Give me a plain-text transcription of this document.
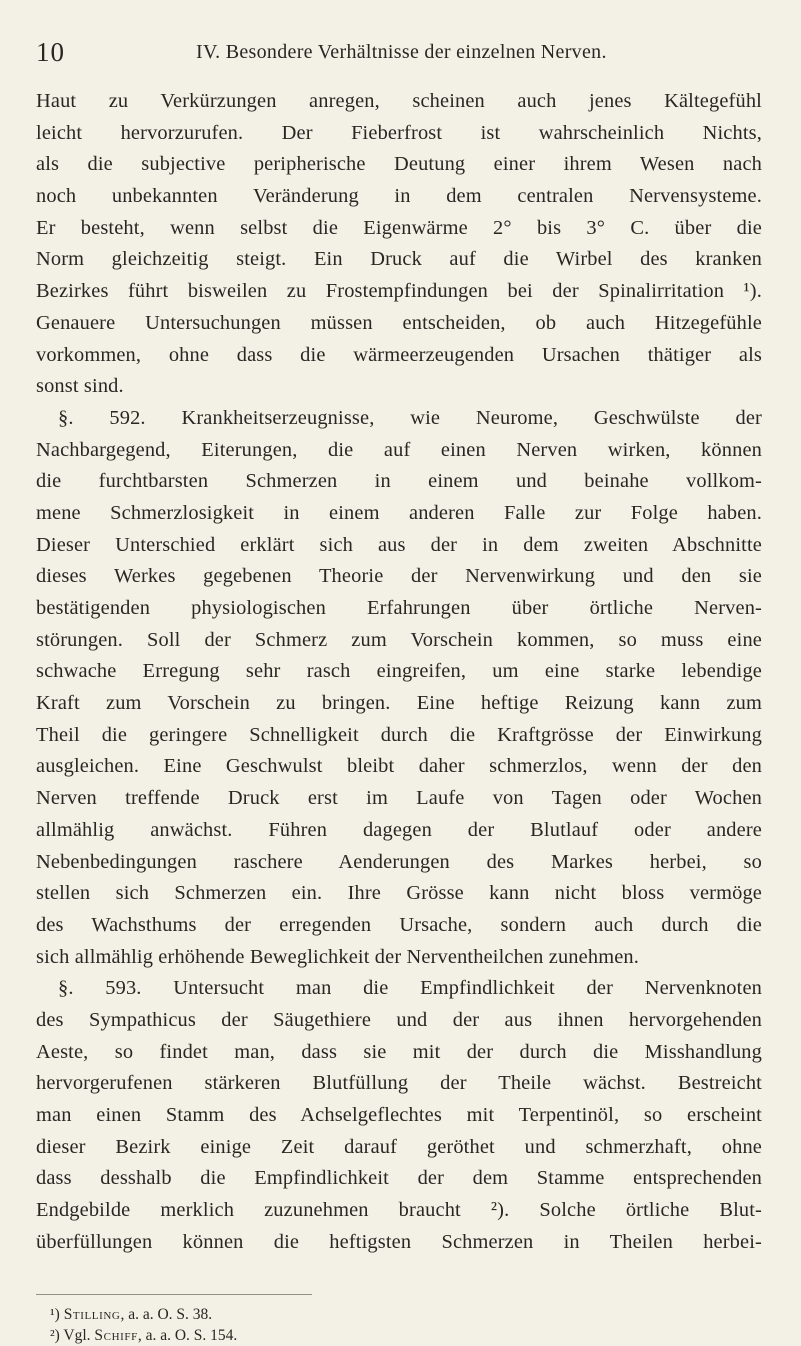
10	IV. Besondere Verhältnisse der einzelnen Nerven.
Haut zu Verkürzungen anregen, scheinen auch jenes Kältegefühl
leicht hervorzurufen. Der Fieberfrost ist wahrscheinlich Nichts,
als die subjective peripherische Deutung einer ihrem Wesen nach
noch unbekannten Veränderung in dem centralen Nervensysteme.
Er besteht, wenn selbst die Eigenwärme 2° bis 3° C. über die
Norm gleichzeitig steigt. Ein Druck auf die Wirbel des kranken
Bezirkes führt bisweilen zu Frostempfindungen bei der Spinalirritation ¹).
Genauere Untersuchungen müssen entscheiden, ob auch Hitzegefühle
vorkommen, ohne dass die wärmeerzeugenden Ursachen thätiger als
sonst sind.
§. 592. Krankheitserzeugnisse, wie Neurome, Geschwülste der
Nachbargegend, Eiterungen, die auf einen Nerven wirken, können
die furchtbarsten Schmerzen in einem und beinahe vollkom-
mene Schmerzlosigkeit in einem anderen Falle zur Folge haben.
Dieser Unterschied erklärt sich aus der in dem zweiten Abschnitte
dieses Werkes gegebenen Theorie der Nervenwirkung und den sie
bestätigenden physiologischen Erfahrungen über örtliche Nerven-
störungen. Soll der Schmerz zum Vorschein kommen, so muss eine
schwache Erregung sehr rasch eingreifen, um eine starke lebendige
Kraft zum Vorschein zu bringen. Eine heftige Reizung kann zum
Theil die geringere Schnelligkeit durch die Kraftgrösse der Einwirkung
ausgleichen. Eine Geschwulst bleibt daher schmerzlos, wenn der den
Nerven treffende Druck erst im Laufe von Tagen oder Wochen
allmählig anwächst. Führen dagegen der Blutlauf oder andere
Nebenbedingungen raschere Aenderungen des Markes herbei, so
stellen sich Schmerzen ein. Ihre Grösse kann nicht bloss vermöge
des Wachsthums der erregenden Ursache, sondern auch durch die
sich allmählig erhöhende Beweglichkeit der Nerventheilchen zunehmen.
§. 593. Untersucht man die Empfindlichkeit der Nervenknoten
des Sympathicus der Säugethiere und der aus ihnen hervorgehenden
Aeste, so findet man, dass sie mit der durch die Misshandlung
hervorgerufenen stärkeren Blutfüllung der Theile wächst. Bestreicht
man einen Stamm des Achselgeflechtes mit Terpentinöl, so erscheint
dieser Bezirk einige Zeit darauf geröthet und schmerzhaft, ohne
dass desshalb die Empfindlichkeit der dem Stamme entsprechenden
Endgebilde merklich zuzunehmen braucht ²). Solche örtliche Blut-
überfüllungen können die heftigsten Schmerzen in Theilen herbei-
¹) Stilling, a. a. O. S. 38.
²) Vgl. Schiff, a. a. O. S. 154.
